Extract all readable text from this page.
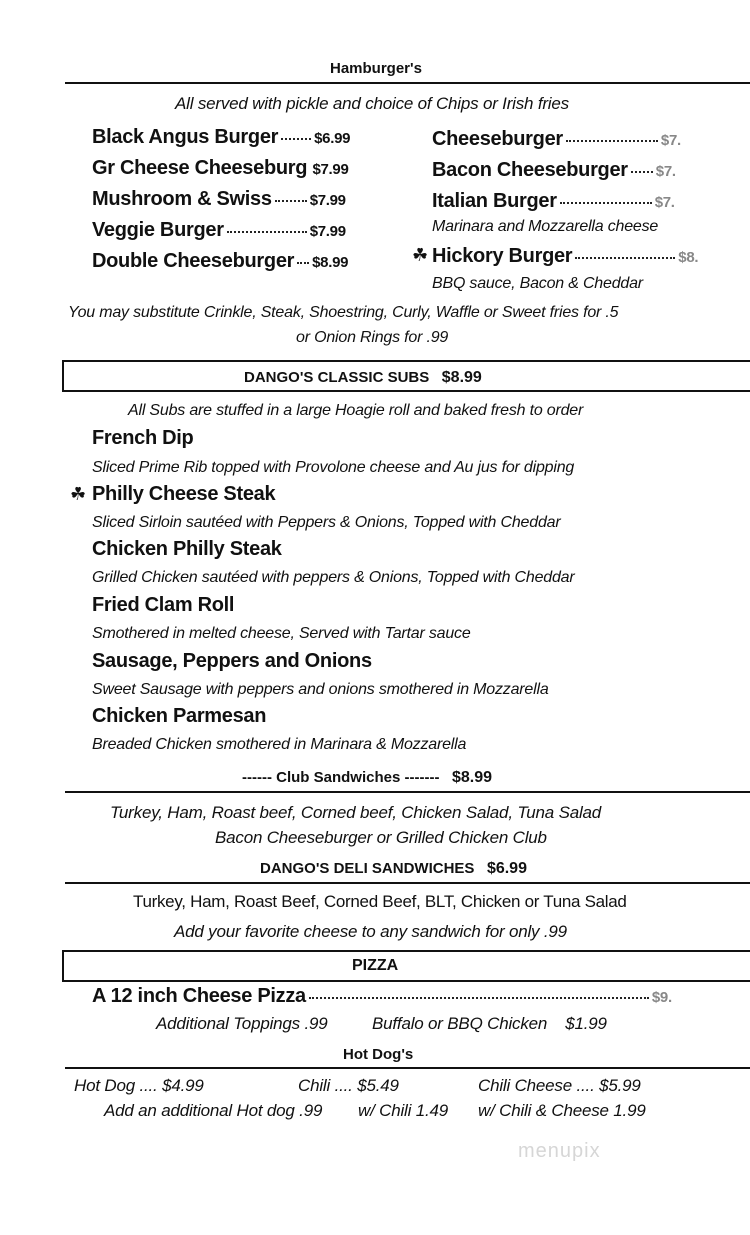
Hamburger's
All served with pickle and choice of Chips or Irish fries
Black Angus Burger $6.99
Gr Cheese Cheeseburg $7.99
Mushroom & Swiss	$7.99
Veggie Burger	$7.99
Double Cheeseburger $8.99
Cheeseburger	$7.
Bacon Cheeseburger $7.
Italian Burger	$7.
Marinara and Mozzarella cheese
☘ Hickory Burger	$8.
BBQ sauce, Bacon & Cheddar
You may substitute Crinkle, Steak, Shoestring, Curly, Waffle or Sweet fries for .5
or Onion Rings for .99
DANGO'S CLASSIC SUBS $8.99
All Subs are stuffed in a large Hoagie roll and baked fresh to order
French Dip
Sliced Prime Rib topped with Provolone cheese and Au jus for dipping
☘ Philly Cheese Steak
Sliced Sirloin sautéed with Peppers & Onions, Topped with Cheddar
Chicken Philly Steak
Grilled Chicken sautéed with peppers & Onions, Topped with Cheddar
Fried Clam Roll
Smothered in melted cheese, Served with Tartar sauce
Sausage, Peppers and Onions
Sweet Sausage with peppers and onions smothered in Mozzarella
Chicken Parmesan
Breaded Chicken smothered in Marinara & Mozzarella
------ Club Sandwiches ------- $8.99
Turkey, Ham, Roast beef, Corned beef, Chicken Salad, Tuna Salad
Bacon Cheeseburger or Grilled Chicken Club
DANGO'S DELI SANDWICHES $6.99
Turkey, Ham, Roast Beef, Corned Beef, BLT, Chicken or Tuna Salad
Add your favorite cheese to any sandwich for only .99
PIZZA
A 12 inch Cheese Pizza	$9.
Additional Toppings .99	Buffalo or BBQ Chicken $1.99
Hot Dog's
Hot Dog .... $4.99	Chili .... $5.49	Chili Cheese .... $5.99
Add an additional Hot dog .99 w/ Chili 1.49 w/ Chili & Cheese 1.99
menupix
